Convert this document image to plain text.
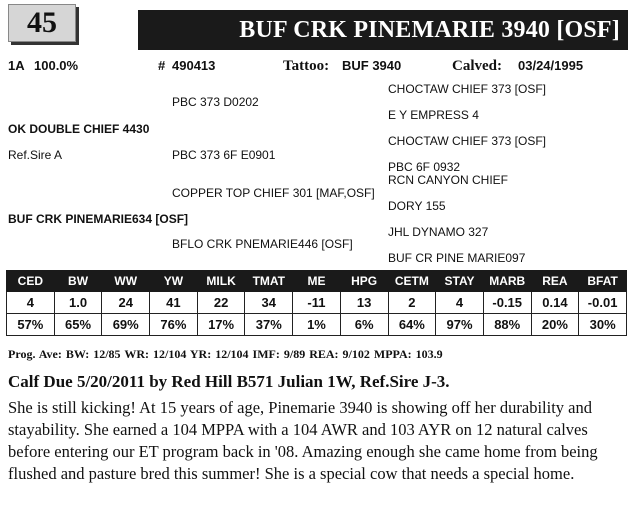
45	BUF CRK PINEMARIE 3940 [OSF]
1A 100.0%	# 490413	Tattoo: BUF 3940	Calved: 03/24/1995
CHOCTAW CHIEF 373 [OSF]
PBC 373 D0202
E Y EMPRESS 4
OK DOUBLE CHIEF 4430
CHOCTAW CHIEF 373 [OSF]
Ref.Sire A	PBC 373 6F E0901
PBC 6F 0932
RCN CANYON CHIEF
COPPER TOP CHIEF 301 [MAF,OSF]
DORY 155
BUF CRK PINEMARIE634 [OSF]
JHL DYNAMO 327
BFLO CRK PNEMARIE446 [OSF]
BUF CR PINE MARIE097
CED	BW	WW	YW	MILK	TMAT	ME	HPG	CETM	STAY	MARB	REA	BFAT
4	1.0	24	41	22	34	-11	13	2	4	-0.15	0.14	-0.01
57%	65%	69%	76%	17%	37%	1%	6%	64%	97%	88%	20%	30%
Prog. Ave: BW: 12/85 WR: 12/104 YR: 12/104 IMF: 9/89 REA: 9/102 MPPA: 103.9
Calf Due 5/20/2011 by Red Hill B571 Julian 1W, Ref.Sire J-3.
She is still kicking! At 15 years of age, Pinemarie 3940 is showing off her durability and stayability. She earned a 104 MPPA with a 104 AWR and 103 AYR on 12 natural calves before entering our ET program back in '08. Amazing enough she came home from being flushed and pasture bred this summer! She is a special cow that needs a special home.
